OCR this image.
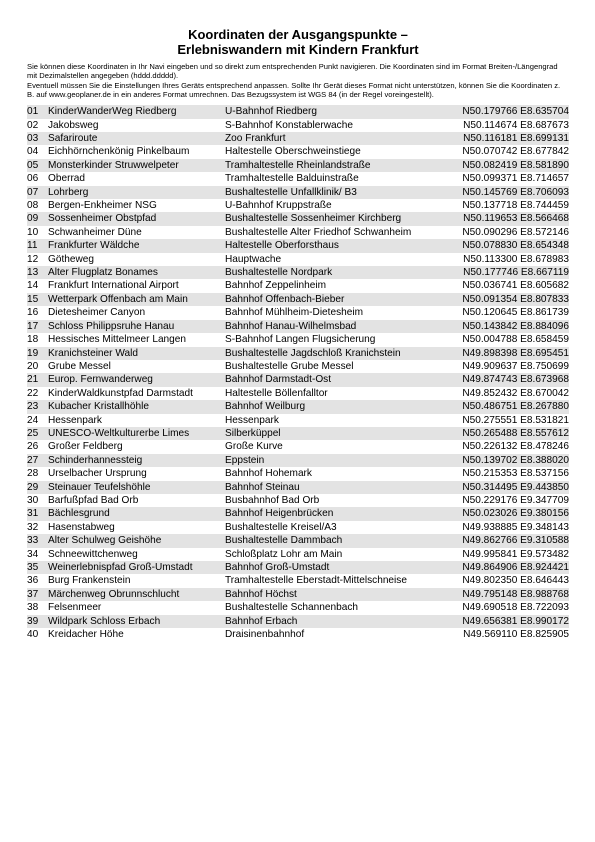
Koordinaten der Ausgangspunkte –
Erlebniswandern mit Kindern Frankfurt

Sie können diese Koordinaten in Ihr Navi eingeben und so direkt zum entsprechenden Punkt navigieren. Die Koordinaten sind im Format Breiten-/Längengrad mit Dezimalstellen angegeben (hddd.ddddd).

Eventuell müssen Sie die Einstellungen Ihres Geräts entsprechend anpassen. Sollte Ihr Gerät dieses Format nicht unterstützen, können Sie die Koordinaten z. B. auf www.geoplaner.de in ein anderes Format umrechnen. Das Bezugssystem ist WGS 84 (in der Regel voreingestellt).

01	KinderWanderWeg Riedberg	U-Bahnhof Riedberg	N50.179766 E8.635704
02	Jakobsweg	S-Bahnhof Konstablerwache	N50.114674 E8.687673
03	Safariroute	Zoo Frankfurt	N50.116181 E8.699131
04	Eichhörnchenkönig Pinkelbaum	Haltestelle Oberschweinstiege	N50.070742 E8.677842
05	Monsterkinder Struwwelpeter	Tramhaltestelle Rheinlandstraße	N50.082419 E8.581890
06	Oberrad	Tramhaltestelle Balduinstraße	N50.099371 E8.714657
07	Lohrberg	Bushaltestelle Unfallklinik/ B3	N50.145769 E8.706093
08	Bergen-Enkheimer NSG	U-Bahnhof Kruppstraße	N50.137718 E8.744459
09	Sossenheimer Obstpfad	Bushaltestelle Sossenheimer Kirchberg	N50.119653 E8.566468
10	Schwanheimer Düne	Bushaltestelle Alter Friedhof Schwanheim	N50.090296 E8.572146
11	Frankfurter Wäldche	Haltestelle Oberforsthaus	N50.078830 E8.654348
12	Götheweg	Hauptwache	N50.113300 E8.678983
13	Alter Flugplatz Bonames	Bushaltestelle Nordpark	N50.177746 E8.667119
14	Frankfurt International Airport	Bahnhof Zeppelinheim	N50.036741 E8.605682
15	Wetterpark Offenbach am Main	Bahnhof Offenbach-Bieber	N50.091354 E8.807833
16	Dietesheimer Canyon	Bahnhof Mühlheim-Dietesheim	N50.120645 E8.861739
17	Schloss Philippsruhe Hanau	Bahnhof Hanau-Wilhelmsbad	N50.143842 E8.884096
18	Hessisches Mittelmeer Langen	S-Bahnhof Langen Flugsicherung	N50.004788 E8.658459
19	Kranichsteiner Wald	Bushaltestelle Jagdschloß Kranichstein	N49.898398 E8.695451
20	Grube Messel	Bushaltestelle Grube Messel	N49.909637 E8.750699
21	Europ. Fernwanderweg	Bahnhof Darmstadt-Ost	N49.874743 E8.673968
22	KinderWaldkunstpfad Darmstadt	Haltestelle Böllenfalltor	N49.852432 E8.670042
23	Kubacher Kristallhöhle	Bahnhof Weilburg	N50.486751 E8.267880
24	Hessenpark	Hessenpark	N50.275551 E8.531821
25	UNESCO-Weltkulturerbe Limes	Silberküppel	N50.265488 E8.557612
26	Großer Feldberg	Große Kurve	N50.226132 E8.478246
27	Schinderhannessteig	Eppstein	N50.139702 E8.388020
28	Urselbacher Ursprung	Bahnhof Hohemark	N50.215353 E8.537156
29	Steinauer Teufelshöhle	Bahnhof Steinau	N50.314495 E9.443850
30	Barfußpfad Bad Orb	Busbahnhof Bad Orb	N50.229176 E9.347709
31	Bächlesgrund	Bahnhof Heigenbrücken	N50.023026 E9.380156
32	Hasenstabweg	Bushaltestelle Kreisel/A3	N49.938885 E9.348143
33	Alter Schulweg Geishöhe	Bushaltestelle Dammbach	N49.862766 E9.310588
34	Schneewittchenweg	Schloßplatz Lohr am Main	N49.995841 E9.573482
35	Weinerlebnispfad Groß-Umstadt	Bahnhof Groß-Umstadt	N49.864906 E8.924421
36	Burg Frankenstein	Tramhaltestelle Eberstadt-Mittelschneise	N49.802350 E8.646443
37	Märchenweg Obrunnschlucht	Bahnhof Höchst	N49.795148 E8.988768
38	Felsenmeer	Bushaltestelle Schannenbach	N49.690518 E8.722093
39	Wildpark Schloss Erbach	Bahnhof Erbach	N49.656381 E8.990172
40	Kreidacher Höhe	Draisinenbahnhof	N49.569110 E8.825905
